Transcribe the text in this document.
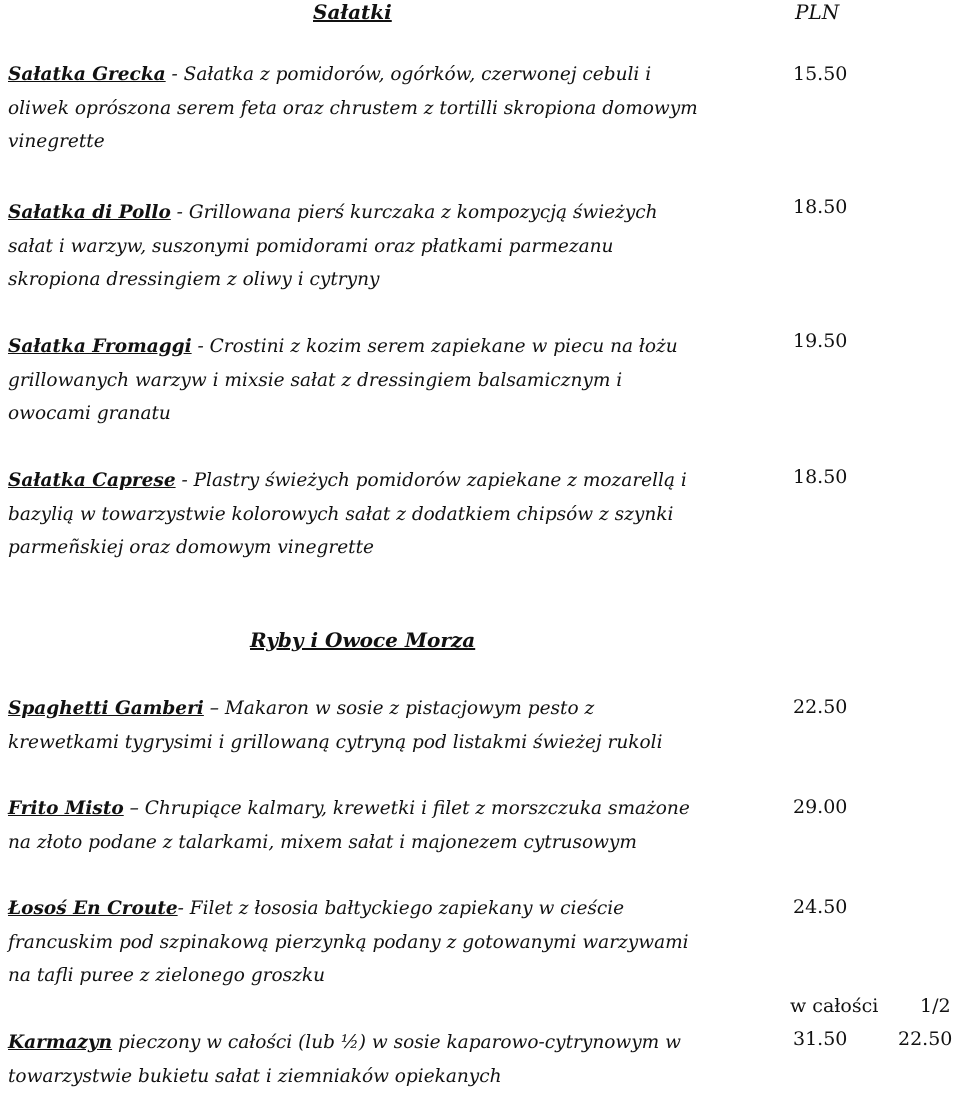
Sałatki	PLN
Sałatka Grecka - Sałatka z pomidorów, ogórków, czerwonej cebuli i oliwek oprószona serem feta oraz chrustem z tortilli skropiona domowym vinegrette
15.50
Sałatka di Pollo - Grillowana pierś kurczaka z kompozycją świeżych sałat i warzyw, suszonymi pomidorami oraz płatkami parmezanu skropiona dressingiem z oliwy i cytryny
18.50
Sałatka Fromaggi - Crostini z kozim serem zapiekane w piecu na łożu grillowanych warzyw i mixsie sałat z dressingiem balsamicznym i owocami granatu
19.50
Sałatka Caprese - Plastry świeżych pomidorów zapiekane z mozarellą i bazylią w towarzystwie kolorowych sałat z dodatkiem chipsów z szynki parmeñskiej oraz domowym vinegrette
18.50
Ryby i Owoce Morza
Spaghetti Gamberi – Makaron w sosie z pistacjowym pesto z krewetkami tygrysimi i grillowaną cytryną pod listakmi świeżej rukoli
22.50
Frito Misto – Chrupiące kalmary, krewetki i filet z morszczuka smażone na złoto podane z talarkami, mixem sałat i majonezem cytrusowym
29.00
Łosoś En Croute- Filet z łososia bałtyckiego zapiekany w cieście francuskim pod szpinakową pierzynką podany z gotowanymi warzywami na tafli puree z zielonego groszku
24.50
w całości 1/2
Karmazyn pieczony w całości (lub ½) w sosie kaparowo-cytrynowym w towarzystwie bukietu sałat i ziemniaków opiekanych
31.50	22.50
